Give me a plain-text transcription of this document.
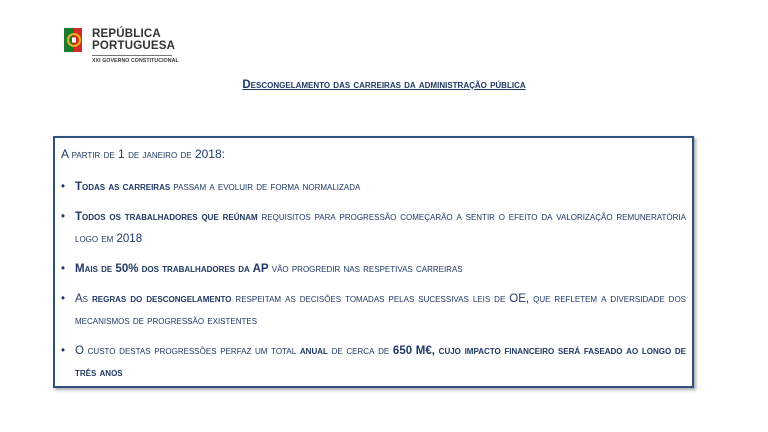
REPÚBLICA
PORTUGUESA
XXI GOVERNO CONSTITUCIONAL
Descongelamento das carreiras da administração pública
A partir de 1 de janeiro de 2018:
• Todas as carreiras passam a evoluir de forma normalizada
• Todos os trabalhadores que reúnam requisitos para progressão começarão a sentir o efeito da valorização remuneratória logo em 2018
• Mais de 50% dos trabalhadores da AP vão progredir nas respetivas carreiras
• As regras do descongelamento respeitam as decisões tomadas pelas sucessivas leis de OE, que refletem a diversidade dos mecanismos de progressão existentes
• O custo destas progressões perfaz um total anual de cerca de 650 M€, cujo impacto financeiro será faseado ao longo de três anos
